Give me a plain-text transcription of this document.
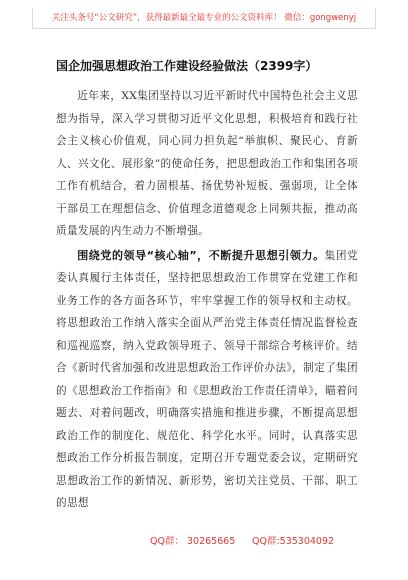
关注头条号“公文研究”，获得最新最全最专业的公文资料库！ 微信：gongwenyj
国企加强思想政治工作建设经验做法（2399字）

近年来，XX集团坚持以习近平新时代中国特色社会主义思想为指导，深入学习贯彻习近平文化思想，积极培育和践行社会主义核心价值观，同心同力担负起“举旗帜、聚民心、育新人、兴文化、展形象”的使命任务，把思想政治工作和集团各项工作有机结合，着力固根基、扬优势补短板、强弱项，让全体干部员工在理想信念、价值理念道德观念上同频共振，推动高质量发展的内生动力不断增强。

围绕党的领导“核心轴”，不断提升思想引领力。集团党委认真履行主体责任，坚持把思想政治工作贯穿在党建工作和业务工作的各方面各环节，牢牢掌握工作的领导权和主动权。将思想政治工作纳入落实全面从严治党主体责任情况监督检查和巡视巡察，纳入党政领导班子、领导干部综合考核评价。结合《新时代省加强和改进思想政治工作评价办法》，制定了集团的《思想政治工作指南》和《思想政治工作责任清单》，瞄着问题去、对着问题改，明确落实措施和推进步骤，不断提高思想政治工作的制度化、规范化、科学化水平。同时，认真落实思想政治工作分析报告制度，定期召开专题党委会议，定期研究思想政治工作的新情况、新形势，密切关注党员、干部、职工的思想

QQ群： 30265665 QQ群:535304092
